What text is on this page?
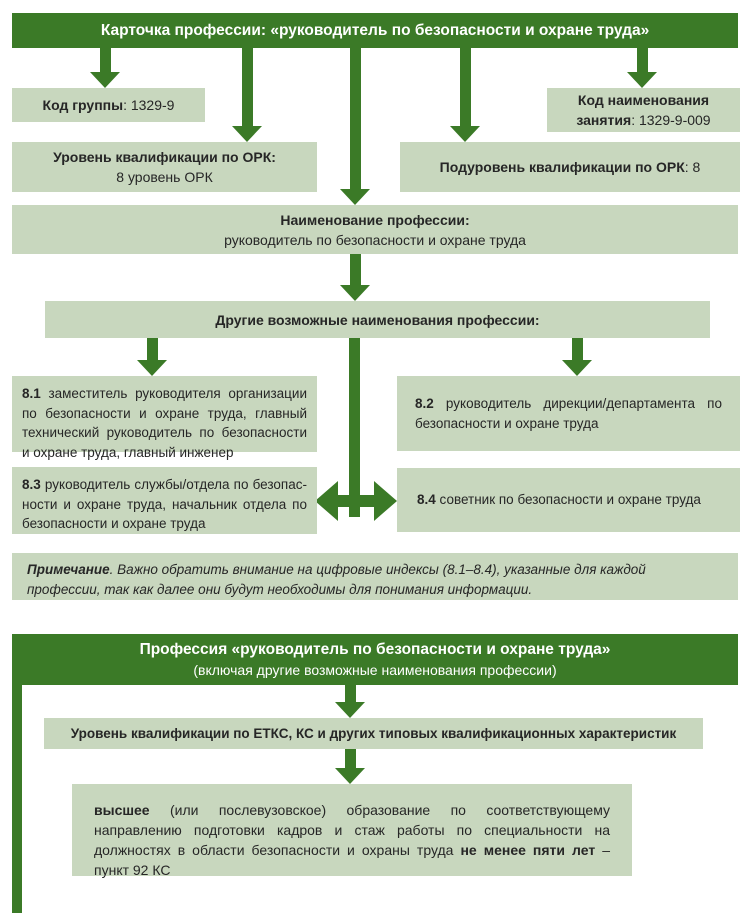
Карточка профессии: «руководитель по безопасности и охране труда»
Код группы: 1329-9	Код наименования
занятия: 1329-9-009
Уровень квалификации по ОРК:
8 уровень ОРК
Подуровень квалификации по ОРК: 8
Наименование профессии:
руководитель по безопасности и охране труда
Другие возможные наименования профессии:
8.1 заместитель руководителя организации по безопасности и охране труда, главный технический руководитель по безопасности и охране труда, главный инженер
8.2 руководитель дирекции/департамента по безопасности и охране труда
8.3 руководитель службы/отдела по безопасности и охране труда, начальник отдела по безопасности и охране труда
8.4 советник по безопасности и охране труда
Примечание. Важно обратить внимание на цифровые индексы (8.1–8.4), указанные для каждой профессии, так как далее они будут необходимы для понимания информации.
Профессия «руководитель по безопасности и охране труда»
(включая другие возможные наименования профессии)
Уровень квалификации по ЕТКС, КС и других типовых квалификационных характеристик
высшее (или послевузовское) образование по соответствующему направлению подготовки кадров и стаж работы по специальности на должностях в области безопасности и охраны труда не менее пяти лет – пункт 92 КС
